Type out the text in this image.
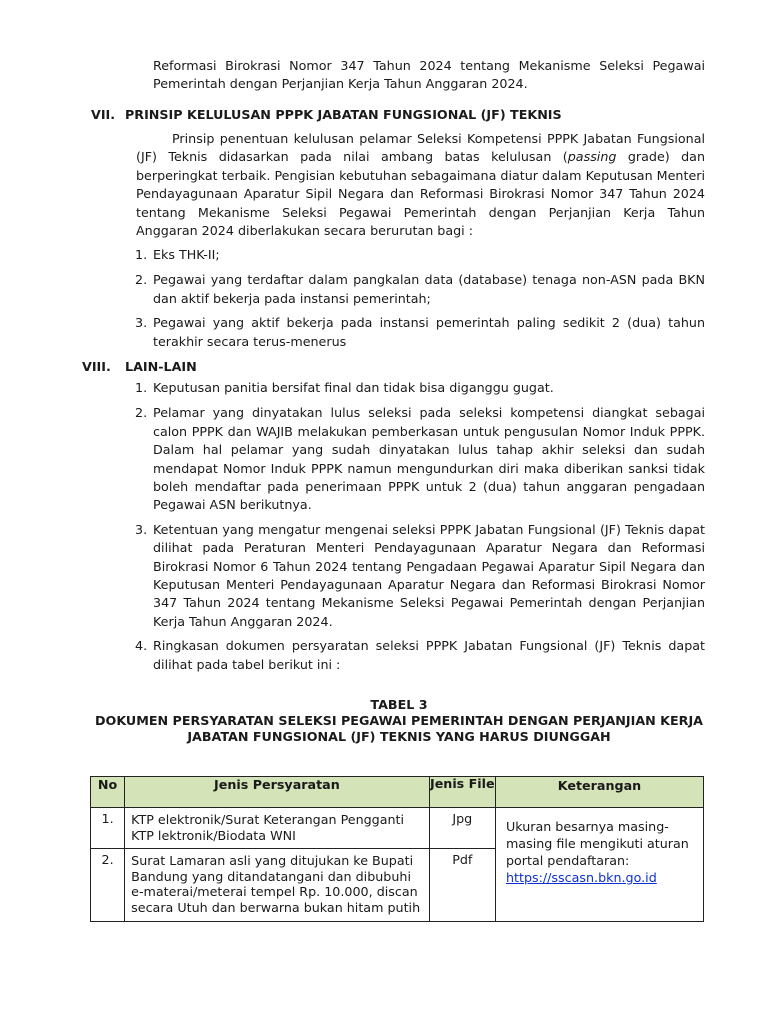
Reformasi Birokrasi Nomor 347 Tahun 2024 tentang Mekanisme Seleksi Pegawai Pemerintah dengan Perjanjian Kerja Tahun Anggaran 2024.

VII. PRINSIP KELULUSAN PPPK JABATAN FUNGSIONAL (JF) TEKNIS

Prinsip penentuan kelulusan pelamar Seleksi Kompetensi PPPK Jabatan Fungsional (JF) Teknis didasarkan pada nilai ambang batas kelulusan (passing grade) dan berperingkat terbaik. Pengisian kebutuhan sebagaimana diatur dalam Keputusan Menteri Pendayagunaan Aparatur Sipil Negara dan Reformasi Birokrasi Nomor 347 Tahun 2024 tentang Mekanisme Seleksi Pegawai Pemerintah dengan Perjanjian Kerja Tahun Anggaran 2024 diberlakukan secara berurutan bagi :

1. Eks THK-II;
2. Pegawai yang terdaftar dalam pangkalan data (database) tenaga non-ASN pada BKN dan aktif bekerja pada instansi pemerintah;
3. Pegawai yang aktif bekerja pada instansi pemerintah paling sedikit 2 (dua) tahun terakhir secara terus-menerus
VIII. LAIN-LAIN
1. Keputusan panitia bersifat final dan tidak bisa diganggu gugat.
2. Pelamar yang dinyatakan lulus seleksi pada seleksi kompetensi diangkat sebagai calon PPPK dan WAJIB melakukan pemberkasan untuk pengusulan Nomor Induk PPPK. Dalam hal pelamar yang sudah dinyatakan lulus tahap akhir seleksi dan sudah mendapat Nomor Induk PPPK namun mengundurkan diri maka diberikan sanksi tidak boleh mendaftar pada penerimaan PPPK untuk 2 (dua) tahun anggaran pengadaan Pegawai ASN berikutnya.
3. Ketentuan yang mengatur mengenai seleksi PPPK Jabatan Fungsional (JF) Teknis dapat dilihat pada Peraturan Menteri Pendayagunaan Aparatur Negara dan Reformasi Birokrasi Nomor 6 Tahun 2024 tentang Pengadaan Pegawai Aparatur Sipil Negara dan Keputusan Menteri Pendayagunaan Aparatur Negara dan Reformasi Birokrasi Nomor 347 Tahun 2024 tentang Mekanisme Seleksi Pegawai Pemerintah dengan Perjanjian Kerja Tahun Anggaran 2024.
4. Ringkasan dokumen persyaratan seleksi PPPK Jabatan Fungsional (JF) Teknis dapat dilihat pada tabel berikut ini :
TABEL 3
DOKUMEN PERSYARATAN SELEKSI PEGAWAI PEMERINTAH DENGAN PERJANJIAN KERJA JABATAN FUNGSIONAL (JF) TEKNIS YANG HARUS DIUNGGAH
No	Jenis Persyaratan	Jenis File	Keterangan
1.	KTP elektronik/Surat Keterangan Pengganti KTP lektronik/Biodata WNI	Jpg	Ukuran besarnya masing-masing file mengikuti aturan portal pendaftaran:
https://sscasn.bkn.go.id
2.	Surat Lamaran asli yang ditujukan ke Bupati Bandung yang ditandatangani dan dibubuhi e-materai/meterai tempel Rp. 10.000, discan secara Utuh dan berwarna bukan hitam putih	Pdf	
